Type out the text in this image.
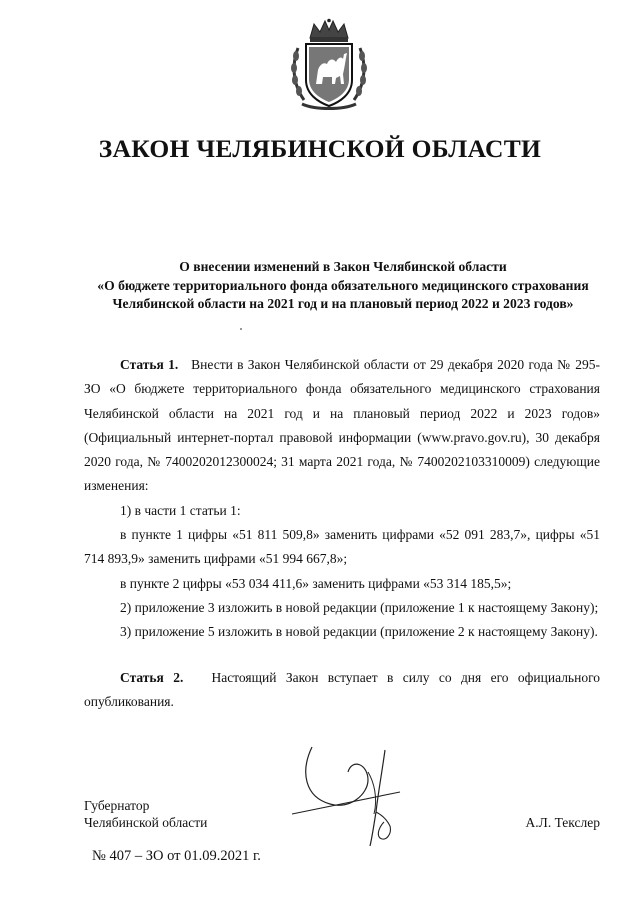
ЗАКОН ЧЕЛЯБИНСКОЙ ОБЛАСТИ
О внесении изменений в Закон Челябинской области
«О бюджете территориального фонда обязательного медицинского страхования
Челябинской области на 2021 год и на плановый период 2022 и 2023 годов»

Статья 1. Внести в Закон Челябинской области от 29 декабря 2020 года № 295-ЗО «О бюджете территориального фонда обязательного медицинского страхования Челябинской области на 2021 год и на плановый период 2022 и 2023 годов» (Официальный интернет-портал правовой информации (www.pravo.gov.ru), 30 декабря 2020 года, № 7400202012300024; 31 марта 2021 года, № 7400202103310009) следующие изменения:

1) в части 1 статьи 1:

в пункте 1 цифры «51 811 509,8» заменить цифрами «52 091 283,7», цифры «51 714 893,9» заменить цифрами «51 994 667,8»;

в пункте 2 цифры «53 034 411,6» заменить цифрами «53 314 185,5»;

2) приложение 3 изложить в новой редакции (приложение 1 к настоящему Закону);

3) приложение 5 изложить в новой редакции (приложение 2 к настоящему Закону).

Статья 2. Настоящий Закон вступает в силу со дня его официального опубликования.

Губернатор
Челябинской области	А.Л. Текслер
№ 407 – ЗО от 01.09.2021 г.
